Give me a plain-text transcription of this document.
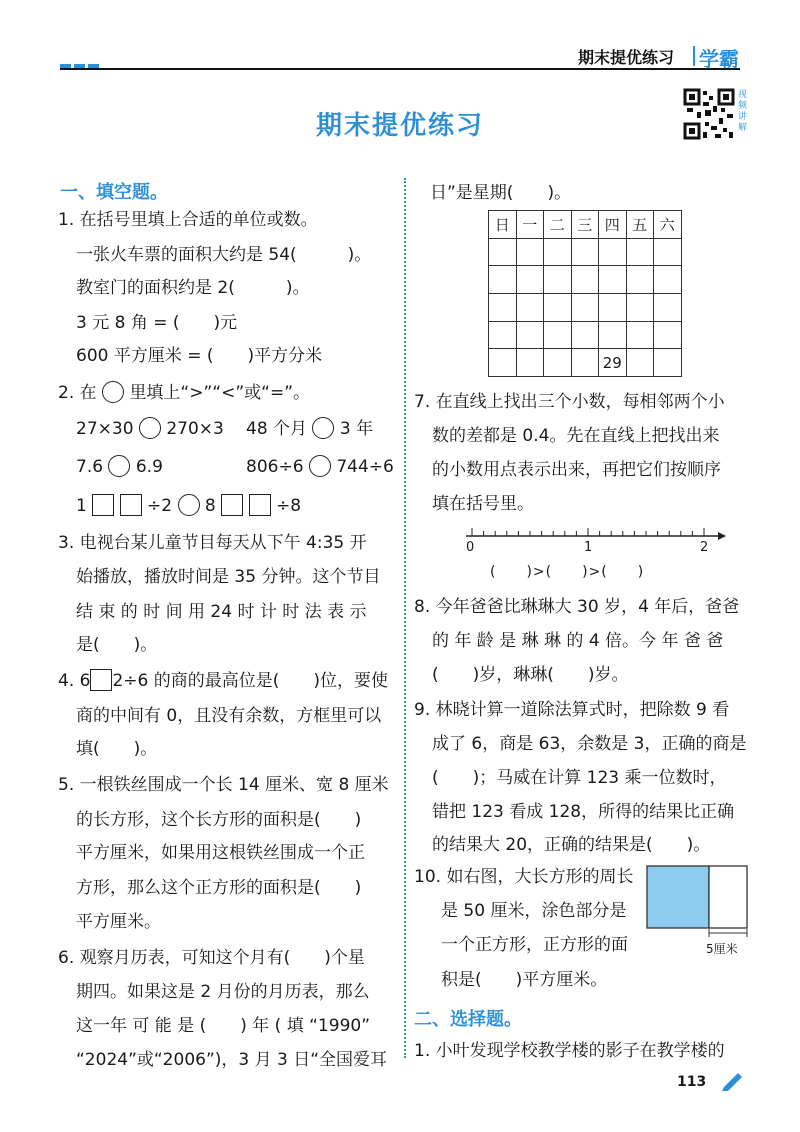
期末提优练习 学霸
期末提优练习
视频讲解
一、填空题。
1. 在括号里填上合适的单位或数。
一张火车票的面积大约是 54(　　　)。
教室门的面积约是 2(　　　)。
3 元 8 角 = (　　)元
600 平方厘米 = (　　)平方分米
2. 在 里填上“>”“<”或“=”。
27×30 270×3 48 个月 3 年
7.6 6.9	806÷6 744÷6
1	÷2 8	÷8
3. 电视台某儿童节目每天从下午 4:35 开
始播放，播放时间是 35 分钟。这个节目
结 束 的 时 间 用 24 时 计 时 法 表 示
是(　　)。
4. 6 2÷6 的商的最高位是(　　)位，要使
商的中间有 0，且没有余数，方框里可以
填(　　)。
5. 一根铁丝围成一个长 14 厘米、宽 8 厘米
的长方形，这个长方形的面积是(　　)
平方厘米，如果用这根铁丝围成一个正
方形，那么这个正方形的面积是(　　)
平方厘米。
6. 观察月历表，可知这个月有(　　)个星
期四。如果这是 2 月份的月历表，那么
这一年 可 能 是 (　　) 年 ( 填 “1990”
“2024”或“2006”)，3 月 3 日“全国爱耳
日”是星期(　　)。
日	一	二	三	四	五	六

				29		
7. 在直线上找出三个小数，每相邻两个小
数的差都是 0.4。先在直线上把找出来
的小数用点表示出来，再把它们按顺序
填在括号里。
0	1	2
(　　)>(　　)>(　　)
8. 今年爸爸比琳琳大 30 岁，4 年后，爸爸
的 年 龄 是 琳 琳 的 4 倍。今 年 爸 爸
(　　)岁，琳琳(　　)岁。
9. 林晓计算一道除法算式时，把除数 9 看
成了 6，商是 63，余数是 3，正确的商是
(　　)；马威在计算 123 乘一位数时，
错把 123 看成 128，所得的结果比正确
的结果大 20，正确的结果是(　　)。
10. 如右图，大长方形的周长
是 50 厘米，涂色部分是
一个正方形，正方形的面
积是(　　)平方厘米。
5厘米
二、选择题。
1. 小叶发现学校教学楼的影子在教学楼的
113
